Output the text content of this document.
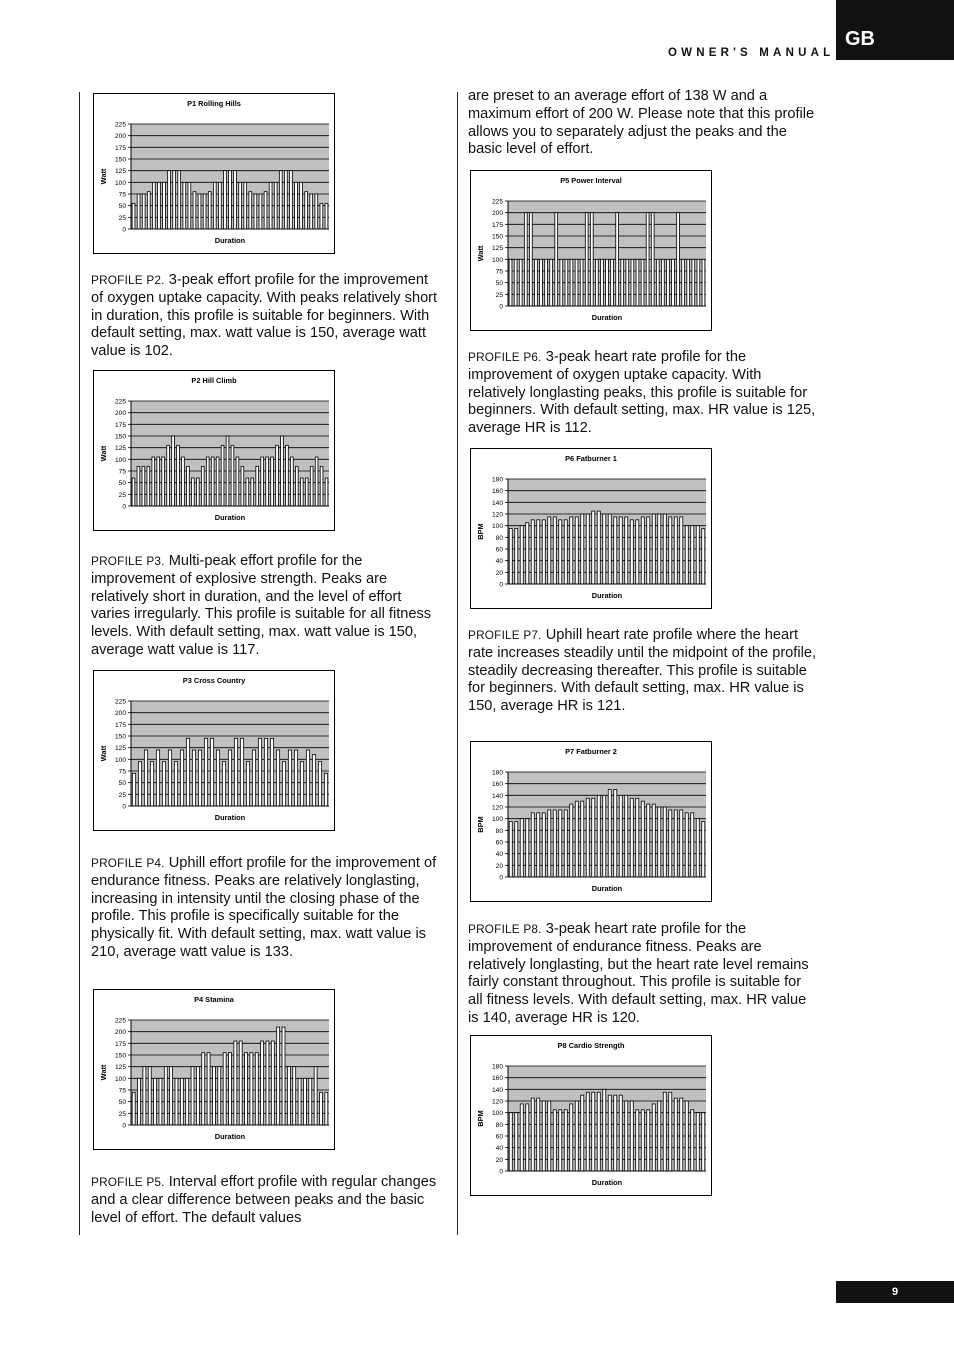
OWNER'S MANUAL
GB
0
25
50
75
100
125
150
175
200
225
P1 Rolling Hills
Duration
Watt
0
25
50
75
100
125
150
175
200
225
P2 Hill Climb
Duration
Watt
0
25
50
75
100
125
150
175
200
225
P3 Cross Country
Duration
Watt
0
25
50
75
100
125
150
175
200
225
P4 Stamina
Duration
Watt
0
25
50
75
100
125
150
175
200
225
P5 Power Interval
Duration
Watt
0
20
40
60
80
100
120
140
160
180
P6 Fatburner 1
Duration
BPM
0
20
40
60
80
100
120
140
160
180
P7 Fatburner 2
Duration
BPM
0
20
40
60
80
100
120
140
160
180
P8 Cardio Strength
Duration
BPM

PROFILE P2. 3-peak effort profile for the improvement of oxygen uptake capacity. With peaks relatively short in duration, this profile is suitable for beginners. With default setting, max. watt value is 150, average watt value is 102.

PROFILE P3. Multi-peak effort profile for the improvement of explosive strength. Peaks are relatively short in duration, and the level of effort varies irregularly. This profile is suitable for all fitness levels. With default setting, max. watt value is 150, average watt value is 117.

PROFILE P4. Uphill effort profile for the improvement of endurance fitness. Peaks are relatively longlasting, increasing in intensity until the closing phase of the profile. This profile is specifically suitable for the physically fit. With default setting, max. watt value is 210, average watt value is 133.

PROFILE P5. Interval effort profile with regular changes and a clear difference between peaks and the basic level of effort. The default values

are preset to an average effort of 138 W and a maximum effort of 200 W. Please note that this profile allows you to separately adjust the peaks and the basic level of effort.

PROFILE P6. 3-peak heart rate profile for the improvement of oxygen uptake capacity. With relatively longlasting peaks, this profile is suitable for beginners. With default setting, max. HR value is 125, average HR is 112.

PROFILE P7. Uphill heart rate profile where the heart rate increases steadily until the midpoint of the profile, steadily decreasing thereafter. This profile is suitable for beginners. With default setting, max. HR value is 150, average HR is 121.

PROFILE P8. 3-peak heart rate profile for the improvement of endurance fitness. Peaks are relatively longlasting, but the heart rate level remains fairly constant throughout. This profile is suitable for all fitness levels. With default setting, max. HR value is 140, average HR is 120.

9
